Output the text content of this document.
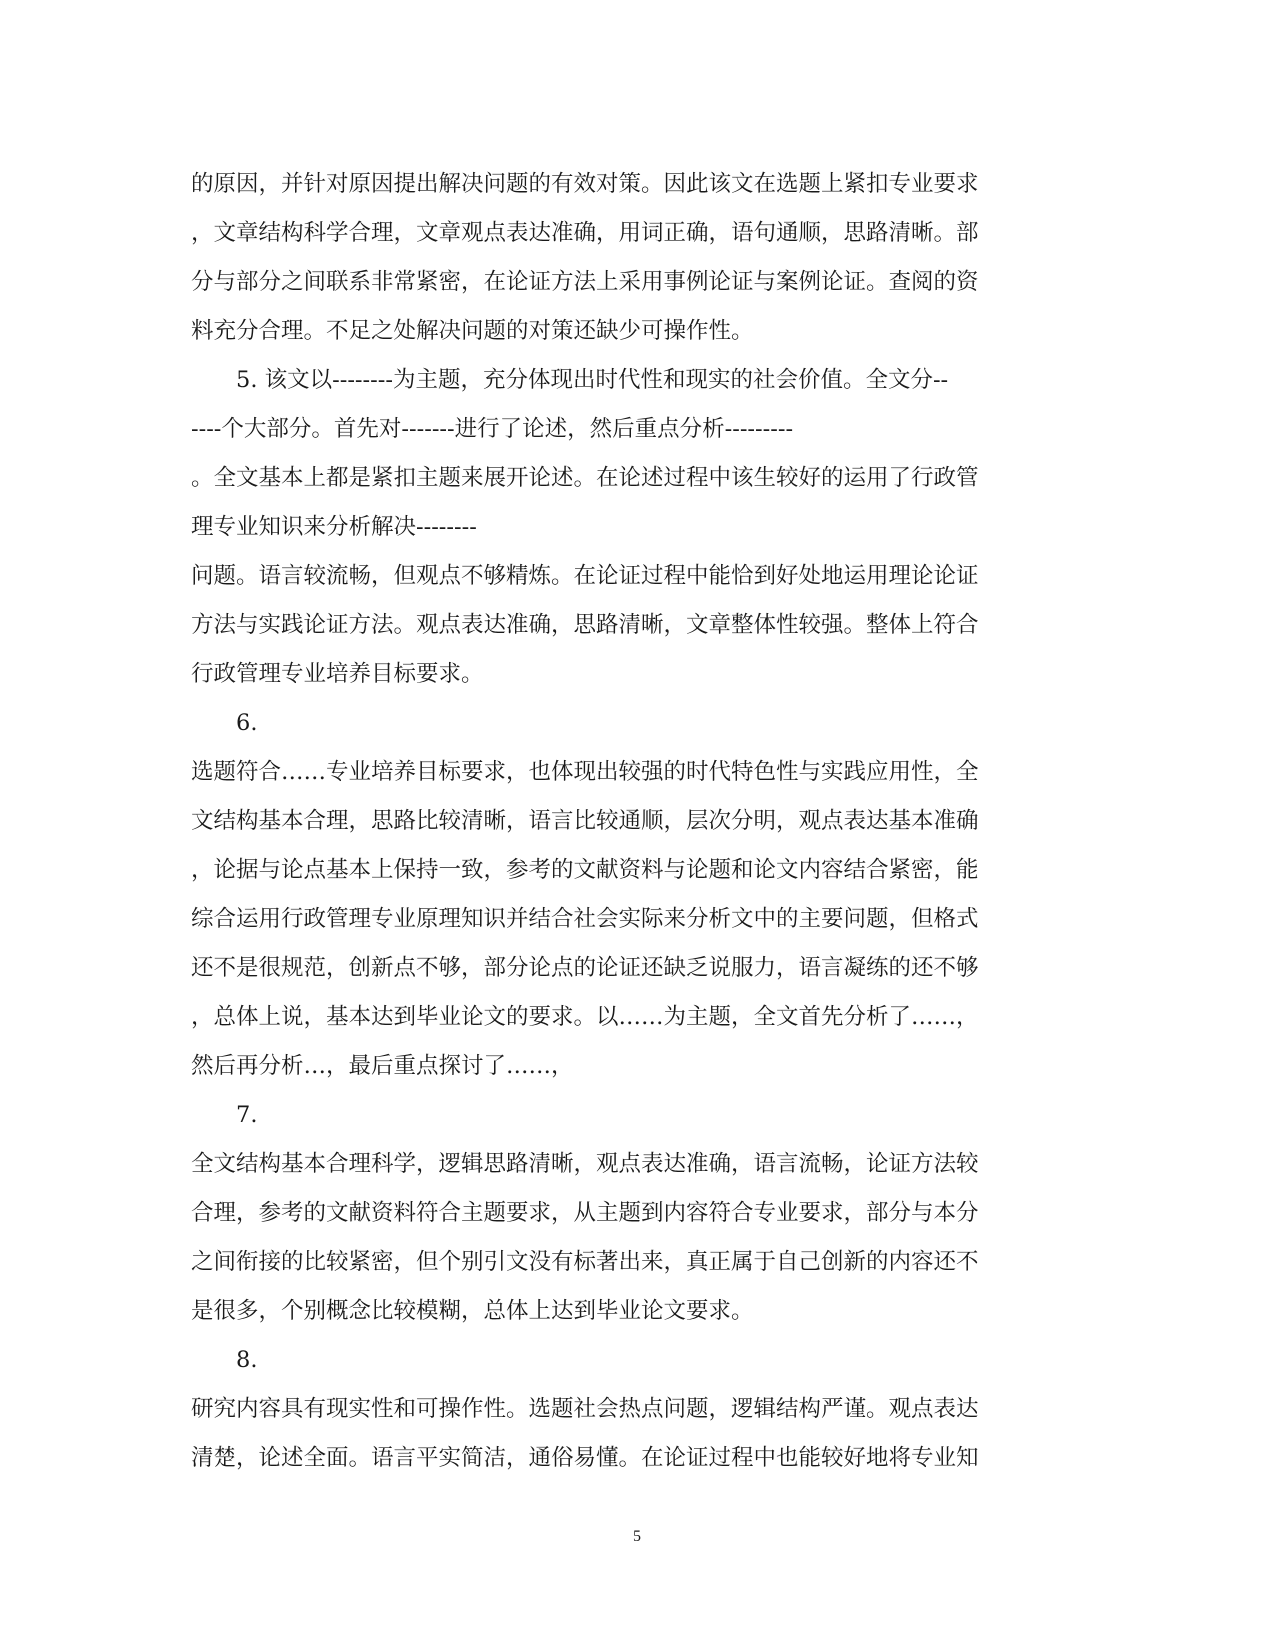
的原因，并针对原因提出解决问题的有效对策。因此该文在选题上紧扣专业要求
，文章结构科学合理，文章观点表达准确，用词正确，语句通顺，思路清晰。部
分与部分之间联系非常紧密，在论证方法上采用事例论证与案例论证。查阅的资
料充分合理。不足之处解决问题的对策还缺少可操作性。
5. 该文以--------为主题，充分体现出时代性和现实的社会价值。全文分--
----个大部分。首先对-------进行了论述，然后重点分析---------
。全文基本上都是紧扣主题来展开论述。在论述过程中该生较好的运用了行政管
理专业知识来分析解决--------
问题。语言较流畅，但观点不够精炼。在论证过程中能恰到好处地运用理论论证
方法与实践论证方法。观点表达准确，思路清晰，文章整体性较强。整体上符合
行政管理专业培养目标要求。
6.
选题符合……专业培养目标要求，也体现出较强的时代特色性与实践应用性，全
文结构基本合理，思路比较清晰，语言比较通顺，层次分明，观点表达基本准确
，论据与论点基本上保持一致，参考的文献资料与论题和论文内容结合紧密，能
综合运用行政管理专业原理知识并结合社会实际来分析文中的主要问题，但格式
还不是很规范，创新点不够，部分论点的论证还缺乏说服力，语言凝练的还不够
，总体上说，基本达到毕业论文的要求。以……为主题，全文首先分析了……，
然后再分析…，最后重点探讨了……，
7.
全文结构基本合理科学，逻辑思路清晰，观点表达准确，语言流畅，论证方法较
合理，参考的文献资料符合主题要求，从主题到内容符合专业要求，部分与本分
之间衔接的比较紧密，但个别引文没有标著出来，真正属于自己创新的内容还不
是很多，个别概念比较模糊，总体上达到毕业论文要求。
8.
研究内容具有现实性和可操作性。选题社会热点问题，逻辑结构严谨。观点表达
清楚，论述全面。语言平实简洁，通俗易懂。在论证过程中也能较好地将专业知
5
